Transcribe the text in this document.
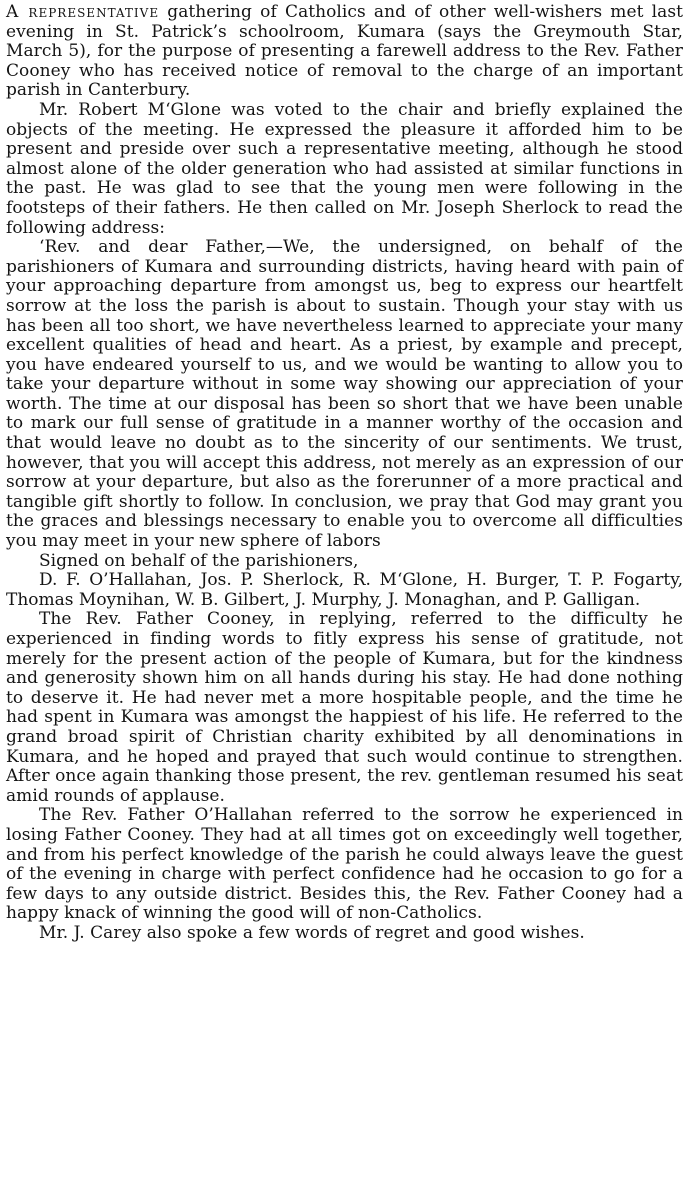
A representative gathering of Catholics and of other well-wishers met last evening in St. Patrick’s schoolroom, Kumara (says the Greymouth Star, March 5), for the purpose of presenting a farewell address to the Rev. Father Cooney who has received notice of removal to the charge of an important parish in Canterbury.

Mr. Robert M‘Glone was voted to the chair and briefly explained the objects of the meeting. He expressed the pleasure it afforded him to be present and preside over such a representative meeting, although he stood almost alone of the older generation who had assisted at similar functions in the past. He was glad to see that the young men were following in the footsteps of their fathers. He then called on Mr. Joseph Sherlock to read the following address:

‘Rev. and dear Father,—We, the undersigned, on behalf of the parishioners of Kumara and surrounding districts, having heard with pain of your approaching departure from amongst us, beg to express our heartfelt sorrow at the loss the parish is about to sustain. Though your stay with us has been all too short, we have nevertheless learned to appreciate your many excellent qualities of head and heart. As a priest, by example and precept, you have endeared yourself to us, and we would be wanting to allow you to take your departure without in some way showing our appreciation of your worth. The time at our disposal has been so short that we have been unable to mark our full sense of gratitude in a manner worthy of the occasion and that would leave no doubt as to the sincerity of our sentiments. We trust, however, that you will accept this address, not merely as an expression of our sorrow at your departure, but also as the forerunner of a more practical and tangible gift shortly to follow. In conclusion, we pray that God may grant you the graces and blessings necessary to enable you to overcome all difficulties you may meet in your new sphere of labors

Signed on behalf of the parishioners,

D. F. O’Hallahan, Jos. P. Sherlock, R. M‘Glone, H. Burger, T. P. Fogarty, Thomas Moynihan, W. B. Gilbert, J. Murphy, J. Monaghan, and P. Galligan.

The Rev. Father Cooney, in replying, referred to the difficulty he experienced in finding words to fitly express his sense of gratitude, not merely for the present action of the people of Kumara, but for the kindness and generosity shown him on all hands during his stay. He had done nothing to deserve it. He had never met a more hospitable people, and the time he had spent in Kumara was amongst the happiest of his life. He referred to the grand broad spirit of Christian charity exhibited by all denominations in Kumara, and he hoped and prayed that such would continue to strengthen. After once again thanking those present, the rev. gentleman resumed his seat amid rounds of applause.

The Rev. Father O’Hallahan referred to the sorrow he experienced in losing Father Cooney. They had at all times got on exceedingly well together, and from his perfect knowledge of the parish he could always leave the guest of the evening in charge with perfect confidence had he occasion to go for a few days to any outside district. Besides this, the Rev. Father Cooney had a happy knack of winning the good will of non-Catholics.

Mr. J. Carey also spoke a few words of regret and good wishes.
